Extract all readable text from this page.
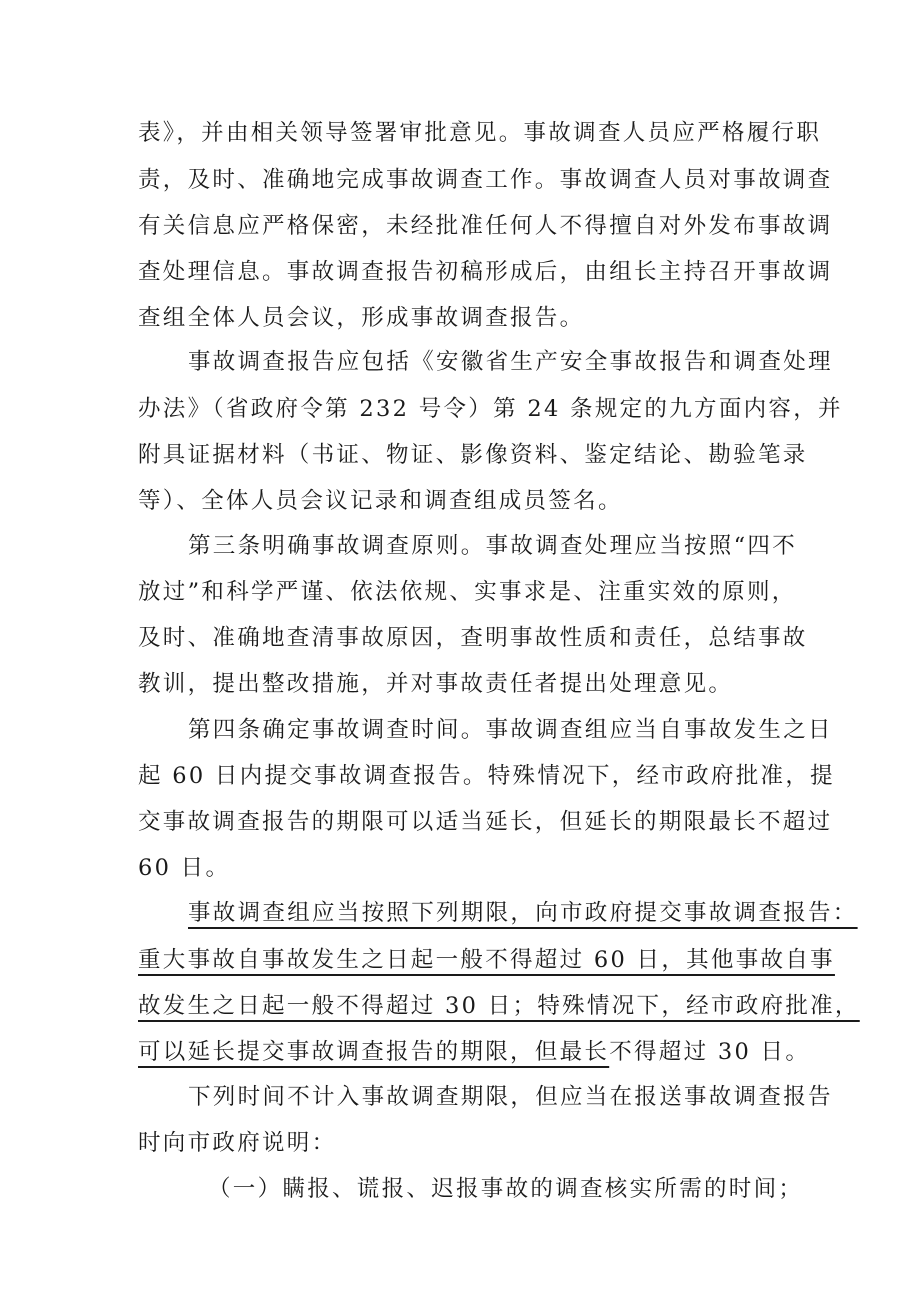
表》，并由相关领导签署审批意见。事故调查人员应严格履行职
责，及时、准确地完成事故调查工作。事故调查人员对事故调查
有关信息应严格保密，未经批准任何人不得擅自对外发布事故调
查处理信息。事故调查报告初稿形成后，由组长主持召开事故调
查组全体人员会议，形成事故调查报告。
事故调查报告应包括《安徽省生产安全事故报告和调查处理
办法》（省政府令第 232 号令）第 24 条规定的九方面内容，并
附具证据材料（书证、物证、影像资料、鉴定结论、勘验笔录
等）、全体人员会议记录和调查组成员签名。
第三条明确事故调查原则。事故调查处理应当按照“四不
放过”和科学严谨、依法依规、实事求是、注重实效的原则，
及时、准确地查清事故原因，查明事故性质和责任，总结事故
教训，提出整改措施，并对事故责任者提出处理意见。
第四条确定事故调查时间。事故调查组应当自事故发生之日
起 60 日内提交事故调查报告。特殊情况下，经市政府批准，提
交事故调查报告的期限可以适当延长，但延长的期限最长不超过
60 日。
事故调查组应当按照下列期限，向市政府提交事故调查报告：
重大事故自事故发生之日起一般不得超过 60 日，其他事故自事
故发生之日起一般不得超过 30 日；特殊情况下，经市政府批准，
可以延长提交事故调查报告的期限，但最长不得超过 30 日。
下列时间不计入事故调查期限，但应当在报送事故调查报告
时向市政府说明：
（一）瞒报、谎报、迟报事故的调查核实所需的时间；
